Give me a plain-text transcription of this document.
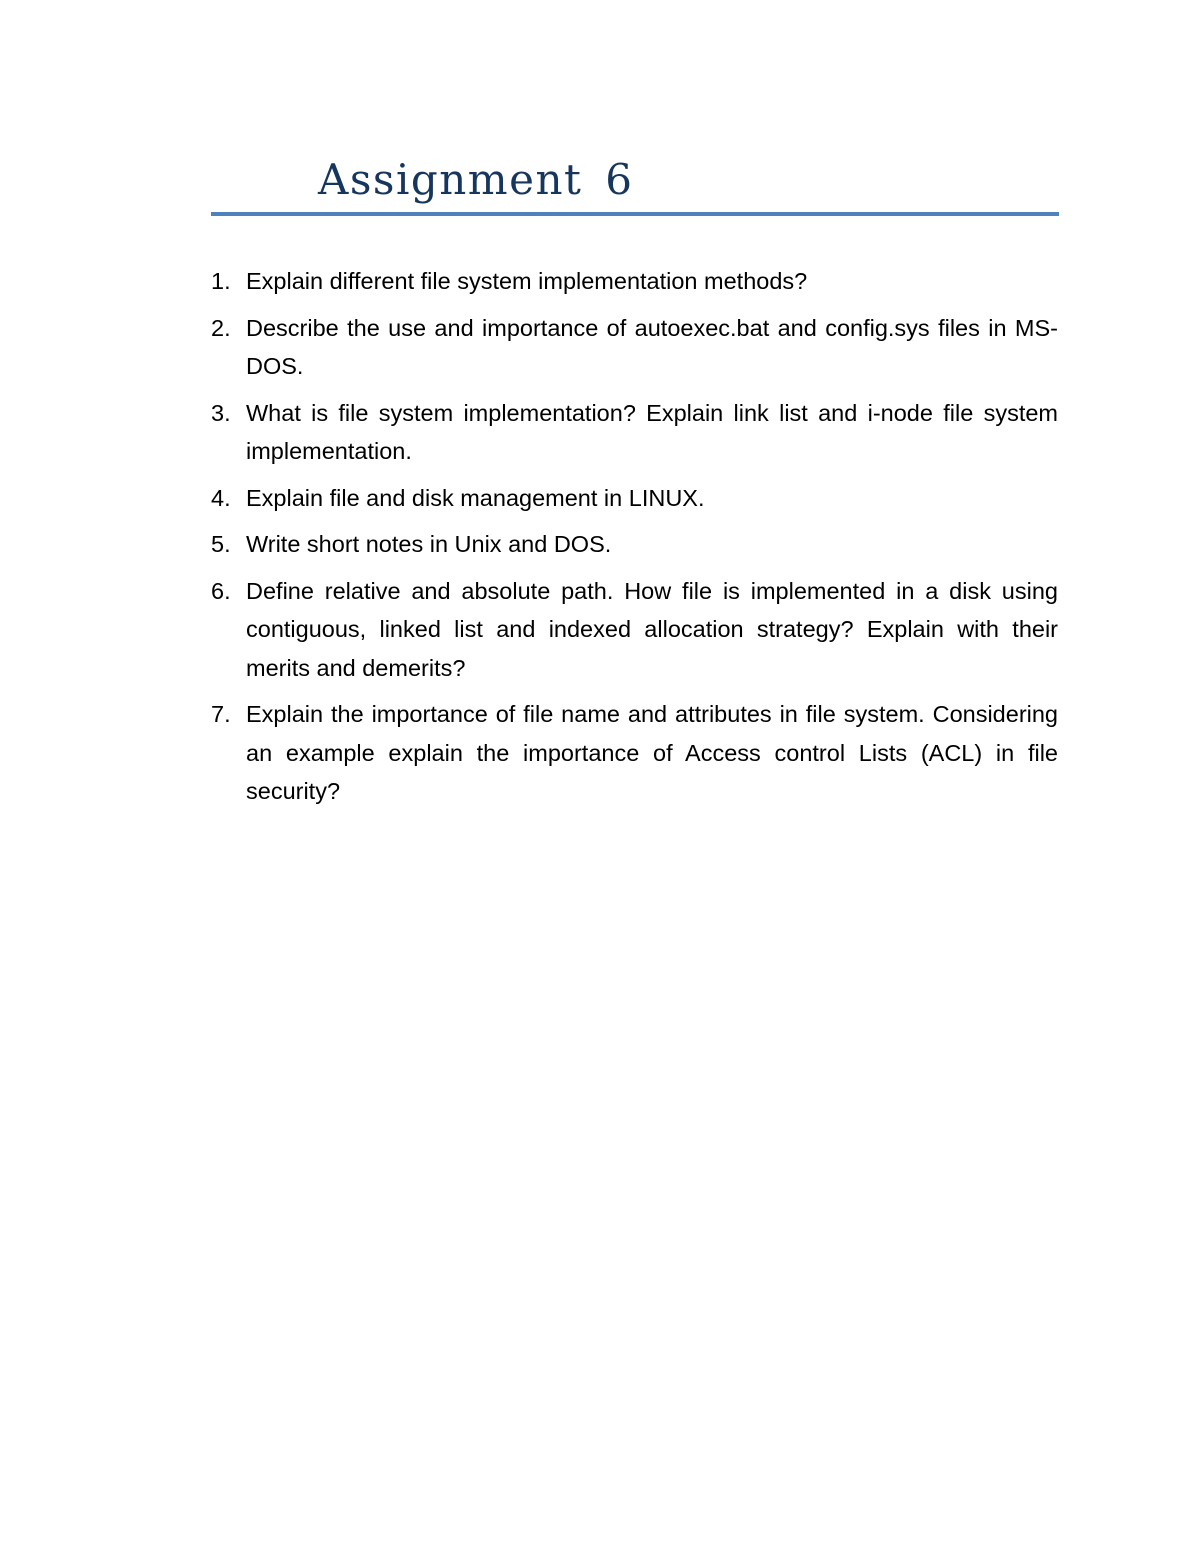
Assignment 6
1. Explain different file system implementation methods?
2. Describe the use and importance of autoexec.bat and config.sys files in MS-DOS.
3. What is file system implementation? Explain link list and i-node file system implementation.
4. Explain file and disk management in LINUX.
5. Write short notes in Unix and DOS.
6. Define relative and absolute path. How file is implemented in a disk using contiguous, linked list and indexed allocation strategy? Explain with their merits and demerits?
7. Explain the importance of file name and attributes in file system. Considering an example explain the importance of Access control Lists (ACL) in file security?
